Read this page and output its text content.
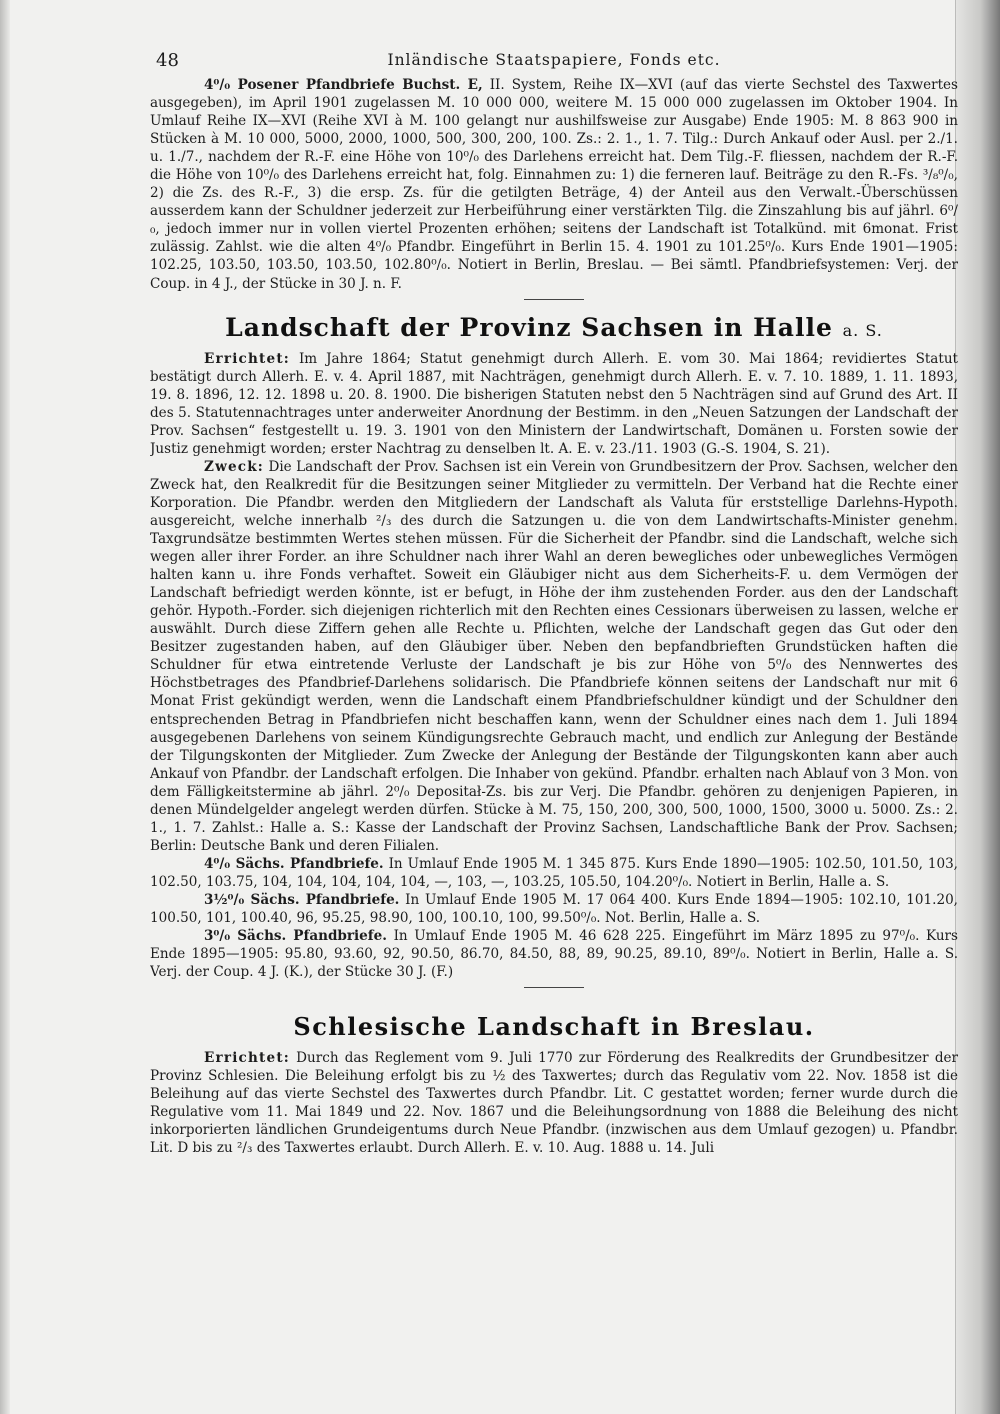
48	Inländische Staatspapiere, Fonds etc.

4⁰/₀ Posener Pfandbriefe Buchst. E, II. System, Reihe IX—XVI (auf das vierte Sechstel des Taxwertes ausgegeben), im April 1901 zugelassen M. 10 000 000, weitere M. 15 000 000 zugelassen im Oktober 1904. In Umlauf Reihe IX—XVI (Reihe XVI à M. 100 gelangt nur aushilfsweise zur Ausgabe) Ende 1905: M. 8 863 900 in Stücken à M. 10 000, 5000, 2000, 1000, 500, 300, 200, 100. Zs.: 2. 1., 1. 7. Tilg.: Durch Ankauf oder Ausl. per 2./1. u. 1./7., nachdem der R.-F. eine Höhe von 10⁰/₀ des Darlehens erreicht hat. Dem Tilg.-F. fliessen, nachdem der R.-F. die Höhe von 10⁰/₀ des Darlehens erreicht hat, folg. Einnahmen zu: 1) die ferneren lauf. Beiträge zu den R.-Fs. ³/₈⁰/₀, 2) die Zs. des R.-F., 3) die ersp. Zs. für die getilgten Beträge, 4) der Anteil aus den Verwalt.-Überschüssen ausserdem kann der Schuldner jederzeit zur Herbeiführung einer verstärkten Tilg. die Zinszahlung bis auf jährl. 6⁰/₀, jedoch immer nur in vollen viertel Prozenten erhöhen; seitens der Landschaft ist Totalkünd. mit 6monat. Frist zulässig. Zahlst. wie die alten 4⁰/₀ Pfandbr. Eingeführt in Berlin 15. 4. 1901 zu 101.25⁰/₀. Kurs Ende 1901—1905: 102.25, 103.50, 103.50, 103.50, 102.80⁰/₀. Notiert in Berlin, Breslau. — Bei sämtl. Pfandbriefsystemen: Verj. der Coup. in 4 J., der Stücke in 30 J. n. F.

Landschaft der Provinz Sachsen in Halle a. S.

Errichtet: Im Jahre 1864; Statut genehmigt durch Allerh. E. vom 30. Mai 1864; revidiertes Statut bestätigt durch Allerh. E. v. 4. April 1887, mit Nachträgen, genehmigt durch Allerh. E. v. 7. 10. 1889, 1. 11. 1893, 19. 8. 1896, 12. 12. 1898 u. 20. 8. 1900. Die bisherigen Statuten nebst den 5 Nachträgen sind auf Grund des Art. II des 5. Statutennachtrages unter anderweiter Anordnung der Bestimm. in den „Neuen Satzungen der Landschaft der Prov. Sachsen“ festgestellt u. 19. 3. 1901 von den Ministern der Landwirtschaft, Domänen u. Forsten sowie der Justiz genehmigt worden; erster Nachtrag zu denselben lt. A. E. v. 23./11. 1903 (G.-S. 1904, S. 21).

Zweck: Die Landschaft der Prov. Sachsen ist ein Verein von Grundbesitzern der Prov. Sachsen, welcher den Zweck hat, den Realkredit für die Besitzungen seiner Mitglieder zu vermitteln. Der Verband hat die Rechte einer Korporation. Die Pfandbr. werden den Mitgliedern der Landschaft als Valuta für erststellige Darlehns-Hypoth. ausgereicht, welche innerhalb ²/₃ des durch die Satzungen u. die von dem Landwirtschafts-Minister genehm. Taxgrundsätze bestimmten Wertes stehen müssen. Für die Sicherheit der Pfandbr. sind die Landschaft, welche sich wegen aller ihrer Forder. an ihre Schuldner nach ihrer Wahl an deren bewegliches oder unbewegliches Vermögen halten kann u. ihre Fonds verhaftet. Soweit ein Gläubiger nicht aus dem Sicherheits-F. u. dem Vermögen der Landschaft befriedigt werden könnte, ist er befugt, in Höhe der ihm zustehenden Forder. aus den der Landschaft gehör. Hypoth.-Forder. sich diejenigen richterlich mit den Rechten eines Cessionars überweisen zu lassen, welche er auswählt. Durch diese Ziffern gehen alle Rechte u. Pflichten, welche der Landschaft gegen das Gut oder den Besitzer zugestanden haben, auf den Gläubiger über. Neben den bepfandbrieften Grundstücken haften die Schuldner für etwa eintretende Verluste der Landschaft je bis zur Höhe von 5⁰/₀ des Nennwertes des Höchstbetrages des Pfandbrief-Darlehens solidarisch. Die Pfandbriefe können seitens der Landschaft nur mit 6 Monat Frist gekündigt werden, wenn die Landschaft einem Pfandbriefschuldner kündigt und der Schuldner den entsprechenden Betrag in Pfandbriefen nicht beschaffen kann, wenn der Schuldner eines nach dem 1. Juli 1894 ausgegebenen Darlehens von seinem Kündigungsrechte Gebrauch macht, und endlich zur Anlegung der Bestände der Tilgungskonten der Mitglieder. Zum Zwecke der Anlegung der Bestände der Tilgungskonten kann aber auch Ankauf von Pfandbr. der Landschaft erfolgen. Die Inhaber von gekünd. Pfandbr. erhalten nach Ablauf von 3 Mon. von dem Fälligkeitstermine ab jährl. 2⁰/₀ Depositał-Zs. bis zur Verj. Die Pfandbr. gehören zu denjenigen Papieren, in denen Mündelgelder angelegt werden dürfen. Stücke à M. 75, 150, 200, 300, 500, 1000, 1500, 3000 u. 5000. Zs.: 2. 1., 1. 7. Zahlst.: Halle a. S.: Kasse der Landschaft der Provinz Sachsen, Landschaftliche Bank der Prov. Sachsen; Berlin: Deutsche Bank und deren Filialen.

4⁰/₀ Sächs. Pfandbriefe. In Umlauf Ende 1905 M. 1 345 875. Kurs Ende 1890—1905: 102.50, 101.50, 103, 102.50, 103.75, 104, 104, 104, 104, 104, —, 103, —, 103.25, 105.50, 104.20⁰/₀. Notiert in Berlin, Halle a. S.

3½⁰/₀ Sächs. Pfandbriefe. In Umlauf Ende 1905 M. 17 064 400. Kurs Ende 1894—1905: 102.10, 101.20, 100.50, 101, 100.40, 96, 95.25, 98.90, 100, 100.10, 100, 99.50⁰/₀. Not. Berlin, Halle a. S.

3⁰/₀ Sächs. Pfandbriefe. In Umlauf Ende 1905 M. 46 628 225. Eingeführt im März 1895 zu 97⁰/₀. Kurs Ende 1895—1905: 95.80, 93.60, 92, 90.50, 86.70, 84.50, 88, 89, 90.25, 89.10, 89⁰/₀. Notiert in Berlin, Halle a. S. Verj. der Coup. 4 J. (K.), der Stücke 30 J. (F.)

Schlesische Landschaft in Breslau.

Errichtet: Durch das Reglement vom 9. Juli 1770 zur Förderung des Realkredits der Grundbesitzer der Provinz Schlesien. Die Beleihung erfolgt bis zu ½ des Taxwertes; durch das Regulativ vom 22. Nov. 1858 ist die Beleihung auf das vierte Sechstel des Taxwertes durch Pfandbr. Lit. C gestattet worden; ferner wurde durch die Regulative vom 11. Mai 1849 und 22. Nov. 1867 und die Beleihungsordnung von 1888 die Beleihung des nicht inkorporierten ländlichen Grundeigentums durch Neue Pfandbr. (inzwischen aus dem Umlauf gezogen) u. Pfandbr. Lit. D bis zu ²/₃ des Taxwertes erlaubt. Durch Allerh. E. v. 10. Aug. 1888 u. 14. Juli
